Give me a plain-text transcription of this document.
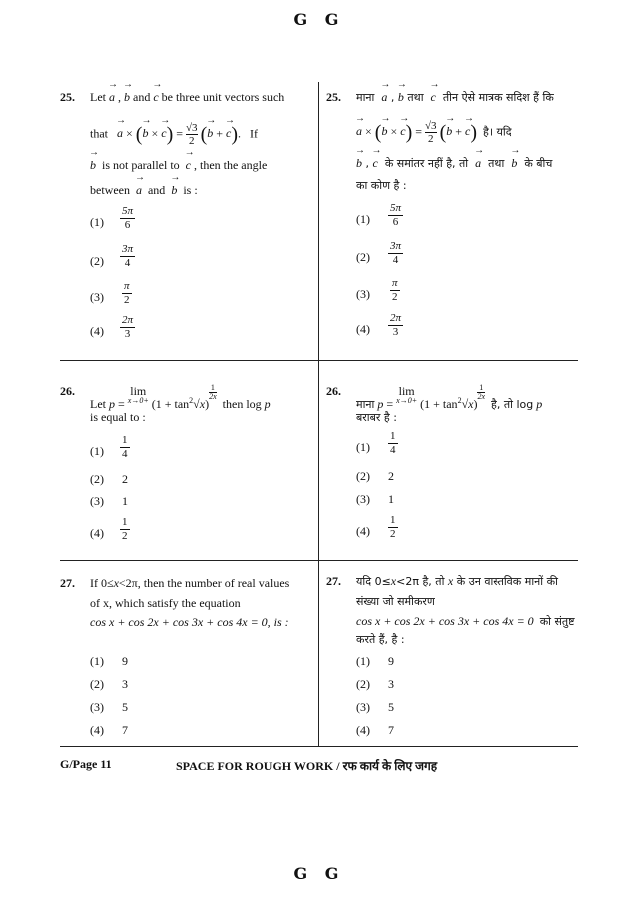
G G
25. Let → a , → b and → c be three unit vectors such
that → a × (→ b × → $c) = \frac{√3}{2}$ (→ b + → c).   If
→ b is not parallel to → c , then the angle
between → a and → b is :
$(1) \frac{5\pi}{6}$
$(2) \frac{3\pi}{4}$
$(3) \frac{\pi}{2}$
$(4) \frac{2\pi}{3}$
26.
Let p =
lim
$x\to 0+ (1 + \tan^2√x)$
$^{\frac{1}{2x}}$
then log p
is equal to :
$(1) \frac{1}{4}$
(2) 2
(3) 1
$(4) \frac{1}{2}$
27. If 0≤x<2π, then the number of real values
of x, which satisfy the equation
cos x + cos 2x + cos 3x + cos 4x = 0, is :
(1) 9
(2) 3
(3) 5
(4) 7
25. माना → a , → b तथा → c तीन ऐसे मात्रक सदिश हैं कि
→ a × (→ b × → $c) = \frac{√3}{2}$ (→ b + → c) है। यदि
→ b , → c के समांतर नहीं है, तो → a तथा → b के बीच
का कोण है :
$(1) \frac{5\pi}{6}$
$(2) \frac{3\pi}{4}$
$(3) \frac{\pi}{2}$
$(4) \frac{2\pi}{3}$
26.
माना p =
lim
$x\to 0+ (1 + \tan^2√x)$
$^{\frac{1}{2x}}$
है, तो log p
बराबर है :
$(1) \frac{1}{4}$
(2) 2
(3) 1
$(4) \frac{1}{2}$
27. यदि 0≤x<2π है, तो x के उन वास्तविक मानों की
संख्या जो समीकरण
cos x + cos 2x + cos 3x + cos 4x = 0 को संतुष्ट
करते हैं, है :
(1) 9
(2) 3
(3) 5
(4) 7
G/Page 11	SPACE FOR ROUGH WORK / रफ कार्य के लिए जगह
G G
